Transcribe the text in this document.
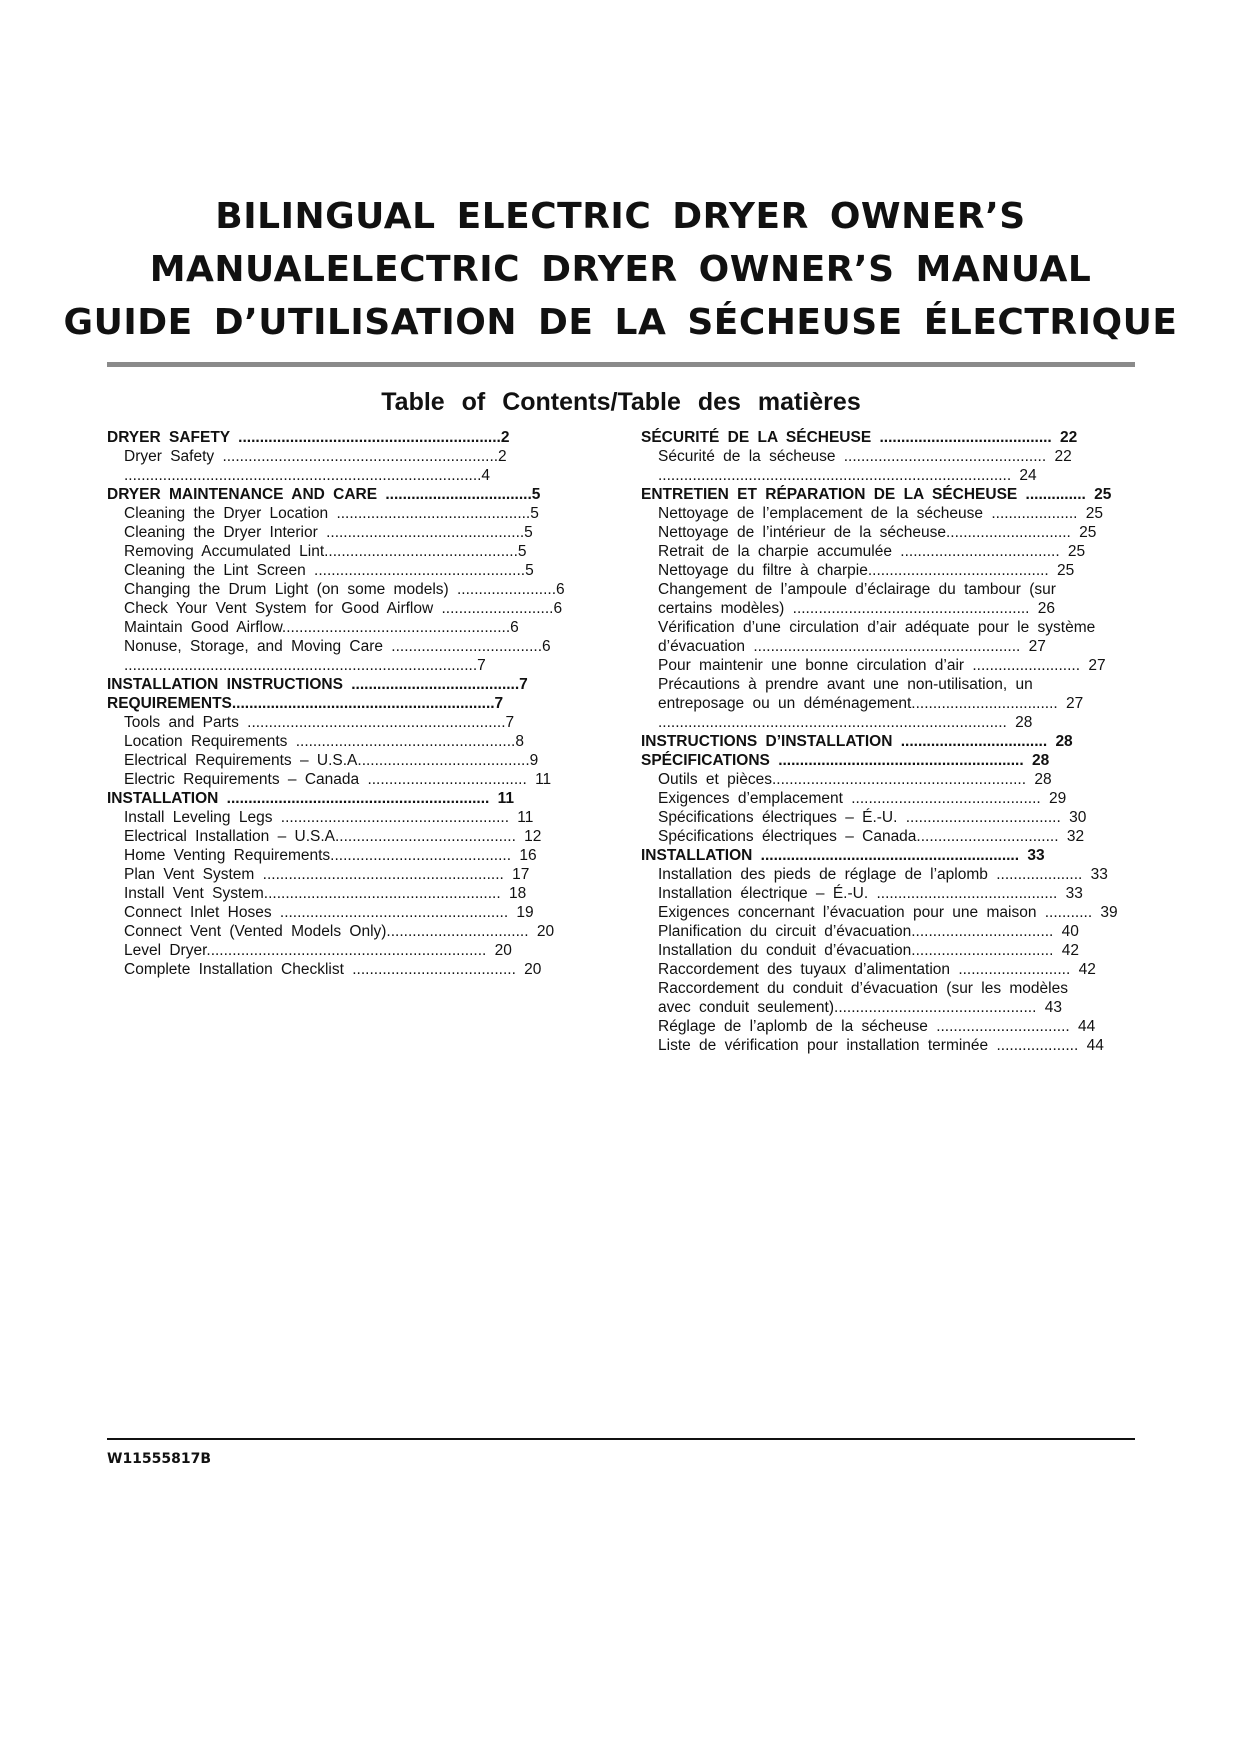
BILINGUAL ELECTRIC DRYER OWNER’S
MANUALELECTRIC DRYER OWNER’S MANUAL
GUIDE D’UTILISATION DE LA SÉCHEUSE ÉLECTRIQUE
Table of Contents/Table des matières
DRYER SAFETY .............................................................2
Dryer Safety ................................................................2
...................................................................................4
DRYER MAINTENANCE AND CARE ..................................5
Cleaning the Dryer Location .............................................5
Cleaning the Dryer Interior ..............................................5
Removing Accumulated Lint.............................................5
Cleaning the Lint Screen .................................................5
Changing the Drum Light (on some models) .......................6
Check Your Vent System for Good Airflow ..........................6
Maintain Good Airflow.....................................................6
Nonuse, Storage, and Moving Care ...................................6
..................................................................................7
INSTALLATION INSTRUCTIONS .......................................7
REQUIREMENTS.............................................................7
Tools and Parts ............................................................7
Location Requirements ...................................................8
Electrical Requirements – U.S.A........................................9
Electric Requirements – Canada ..................................... 11
INSTALLATION ............................................................. 11
Install Leveling Legs ..................................................... 11
Electrical Installation – U.S.A.......................................... 12
Home Venting Requirements.......................................... 16
Plan Vent System ........................................................ 17
Install Vent System....................................................... 18
Connect Inlet Hoses ..................................................... 19
Connect Vent (Vented Models Only)................................. 20
Level Dryer................................................................. 20
Complete Installation Checklist ...................................... 20
SÉCURITÉ DE LA SÉCHEUSE ........................................ 22
Sécurité de la sécheuse ............................................... 22
.................................................................................. 24
ENTRETIEN ET RÉPARATION DE LA SÉCHEUSE .............. 25
Nettoyage de l’emplacement de la sécheuse .................... 25
Nettoyage de l’intérieur de la sécheuse............................. 25
Retrait de la charpie accumulée ..................................... 25
Nettoyage du filtre à charpie.......................................... 25
Changement de l’ampoule d’éclairage du tambour (sur
certains modèles) ....................................................... 26
Vérification d’une circulation d’air adéquate pour le système
d’évacuation .............................................................. 27
Pour maintenir une bonne circulation d’air ......................... 27
Précautions à prendre avant une non-utilisation, un
entreposage ou un déménagement.................................. 27
................................................................................. 28
INSTRUCTIONS D’INSTALLATION .................................. 28
SPÉCIFICATIONS ......................................................... 28
Outils et pièces........................................................... 28
Exigences d’emplacement ............................................ 29
Spécifications électriques – É.-U. .................................... 30
Spécifications électriques – Canada................................. 32
INSTALLATION ............................................................ 33
Installation des pieds de réglage de l’aplomb .................... 33
Installation électrique – É.-U. .......................................... 33
Exigences concernant l’évacuation pour une maison ........... 39
Planification du circuit d’évacuation................................. 40
Installation du conduit d’évacuation................................. 42
Raccordement des tuyaux d’alimentation .......................... 42
Raccordement du conduit d’évacuation (sur les modèles
avec conduit seulement)............................................... 43
Réglage de l’aplomb de la sécheuse ............................... 44
Liste de vérification pour installation terminée ................... 44
W11555817B
